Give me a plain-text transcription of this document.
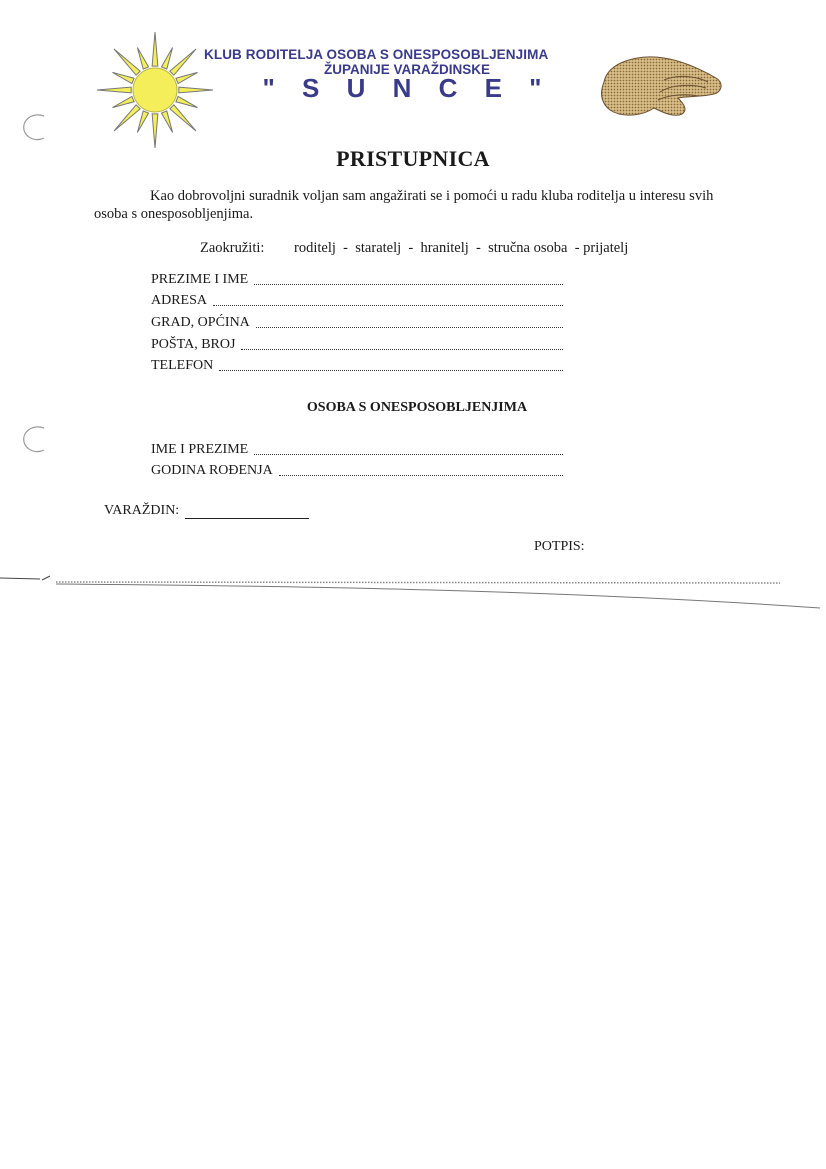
KLUB RODITELJA OSOBA S ONESPOSOBLJENJIMA
ŽUPANIJE VARAŽDINSKE
" S U N C E "
PRISTUPNICA
Kao dobrovoljni suradnik voljan sam angažirati se i pomoći u radu kluba roditelja u interesu svih
osoba s onesposobljenjima.
Zaokružiti: roditelj  -  staratelj  -  hranitelj  -  stručna osoba  - prijatelj
PREZIME I IME
ADRESA
GRAD, OPĆINA
POŠTA, BROJ
TELEFON
OSOBA S ONESPOSOBLJENJIMA
IME I PREZIME
GODINA ROĐENJA
VARAŽDIN:
POTPIS:
